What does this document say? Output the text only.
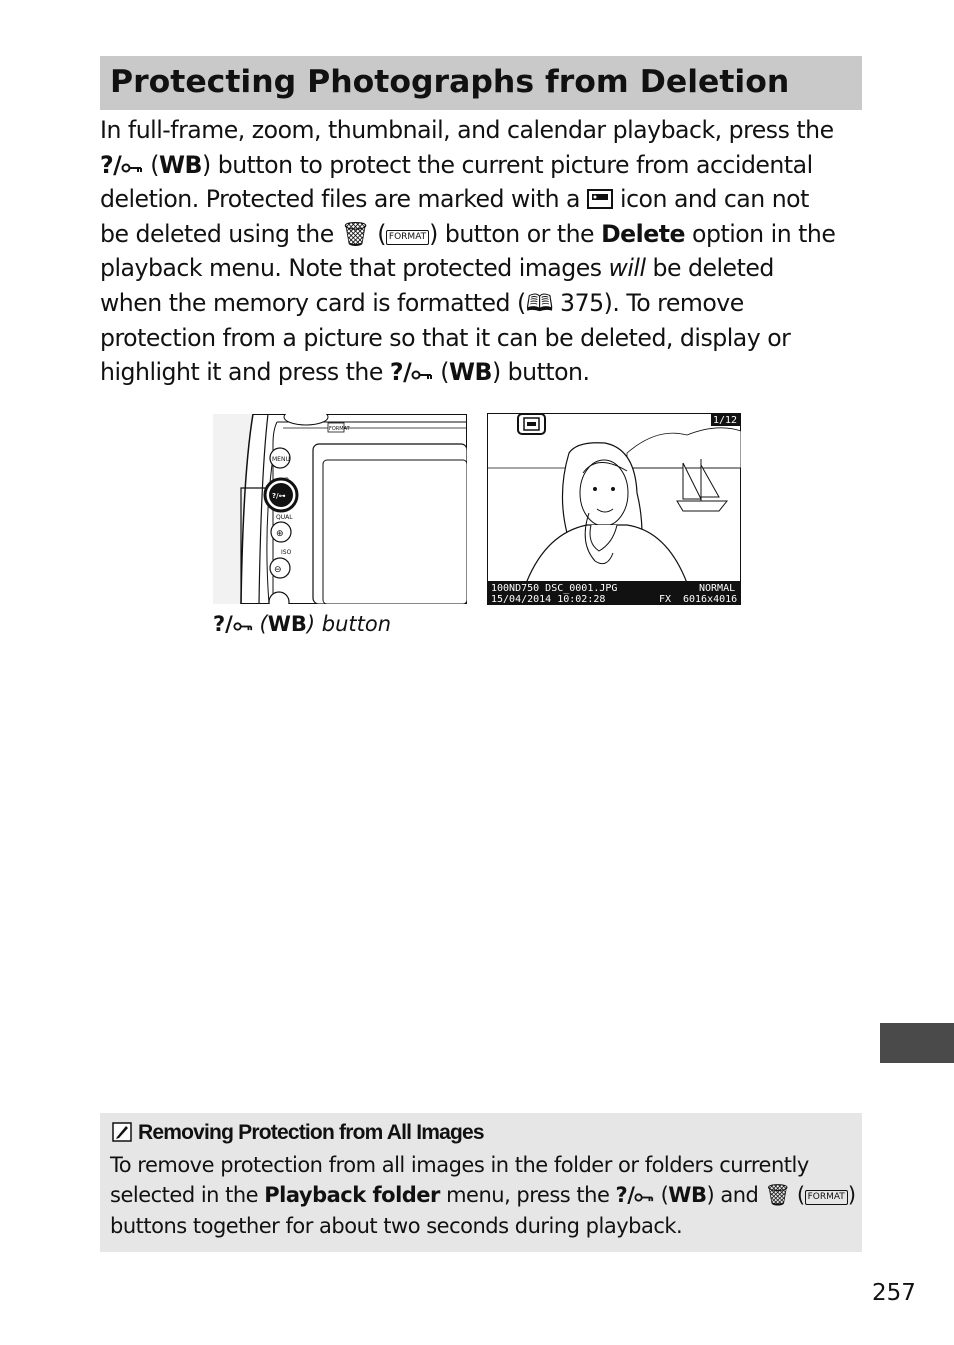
Protecting Photographs from Deletion
In full-frame, zoom, thumbnail, and calendar playback, press the
?/ (WB) button to protect the current picture from accidental
deletion. Protected files are marked with a  icon and can not
be deleted using the 🗑 ( FORMAT ) button or the Delete option in the
playback menu. Note that protected images will be deleted
when the memory card is formatted (🕮 375). To remove
protection from a picture so that it can be deleted, display or
highlight it and press the ?/ (WB) button.
FORMAT
MENU
?/⊶
QUAL
⊕
ISO
⊖
?/ (WB) button
1/12
100ND750 DSC_0001.JPG	NORMAL
15/04/2014 10:02:28	FX 6016x4016
Removing Protection from All Images
To remove protection from all images in the folder or folders currently
selected in the Playback folder menu, press the ?/ (WB) and 🗑 ( FORMAT )
buttons together for about two seconds during playback.
257
